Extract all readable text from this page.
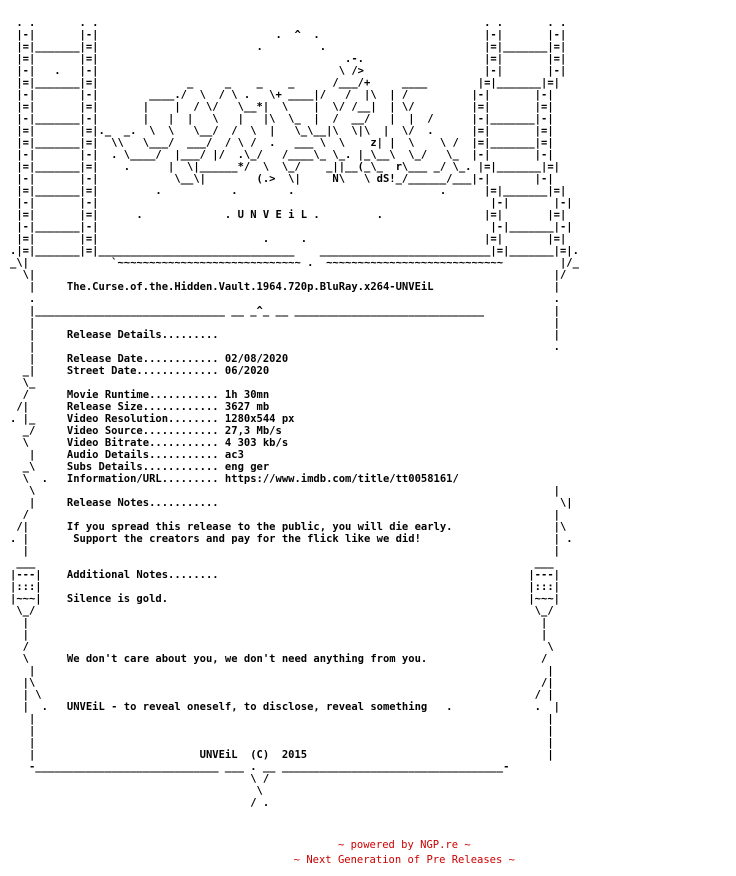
. .       . .                                                             . .       . .
|-|       |-|                            .  ^  .                          |-|       |-|
|=|_______|=|                         .         .                         |=|_______|=|
|=|       |=|                                       .-.                   |=|       |=|
|-|   .   |-|                                      \ />                   |-|       |-|
|=|_______|=|              _     _    _    _      /___/+     ____        |=|_______|=|
|-|       |-|        ____./  \  / \ .   \+ ____|/   /  |\  | /          |-|       |-|
|=|       |=|       |    |  / \/   \__*|  \    |  \/ /__|  | \/         |=|       |=|
|-|_______|-|       |   |  |   \   |   |\  \_  |  /  __/   |  |  /      |-|_______|-|
|=|       |=|._  _.  \  \   \__/  /  \  |   \_\__|\  \|\  |  \/  .      |=|       |=|
|=|_______|=|  \\   \___/  ___/  / \ /  .   ___ \  \    z| |  \    \ /  |=|_______|=|
|-|       |-|  . \____/  |___/ |/  .\_/   /____\_ \_. |_\__\  \_/   \_  |-|       |-|
|=|_______|=|    .      |  \|______*/  \  \_/    _||__(_\_  r\___ _/ \_. |=|_______|=|
|-|       |-|            \__\|        (.>  \|     N\   \ dS!_/______/___|-|       |-|
|=|_______|=|         .           .        .                       .      |=|_______|=|
|-|       |-|                                                              |-|       |-|
|=|       |=|      .             . U N V E i L .         .                |=|       |=|
|-|_______|-|                                                              |-|_______|-|
|=|       |=|                          .     .                            |=|       |=|
.|=|_______|=|_______________________________    ___________________________|=|_______|=|.
_\|             `~~~~~~~~~~~~~~~~~~~~~~~~~~~~~ .  ~~~~~~~~~~~~~~~~~~~~~~~~~~~~         |/_
\|                                                                                  |/
|     The.Curse.of.the.Hidden.Vault.1964.720p.BluRay.x264-UNVEiL                   |
.                                                                                  .
|______________________________ __ _^_ __ ______________________________           |
|                                                                                  |
|     Release Details.........                                                     |
|                                                                                  .
|     Release Date............ 02/08/2020
_|     Street Date............. 06/2020
\_
/      Movie Runtime........... 1h 30mn
/|      Release Size............ 3627 mb
. |_     Video Resolution........ 1280x544 px
_/     Video Source............ 27,3 Mb/s
\      Video Bitrate........... 4 303 kb/s
|     Audio Details........... ac3
_\     Subs Details............ eng ger
\  .   Information/URL......... https://www.imdb.com/title/tt0058161/
\                                                                                  |
|     Release Notes...........                                                      \|
/                                                                                   |
/|      If you spread this release to the public, you will die early.                |\
. |       Support the creators and pay for the flick like we did!                     | .
|                                                                                   |
___                                                                               ___
|---|    Additional Notes........                                                 |---|
|:::|                                                                             |:::|
|~~~|    Silence is gold.                                                         |~~~|
\_/                                                                               \_/
|                                                                                 |
|                                                                                 |
/                                                                                  \
\      We don't care about you, we don't need anything from you.                  /
|                                                                                 |
|\                                                                                /|
| \                                                                              / |
|  .   UNVEiL - to reveal oneself, to disclose, reveal something   .             .  |
|                                                                                 |
|                                                                                 |
|                                                                                 |
|                          UNVEiL  (C)  2015                                      |
-_____________________________ ___ . __ ___________________________________-
\ /
\
/ .

~ powered by NGP.re ~

~ Next Generation of Pre Releases ~
